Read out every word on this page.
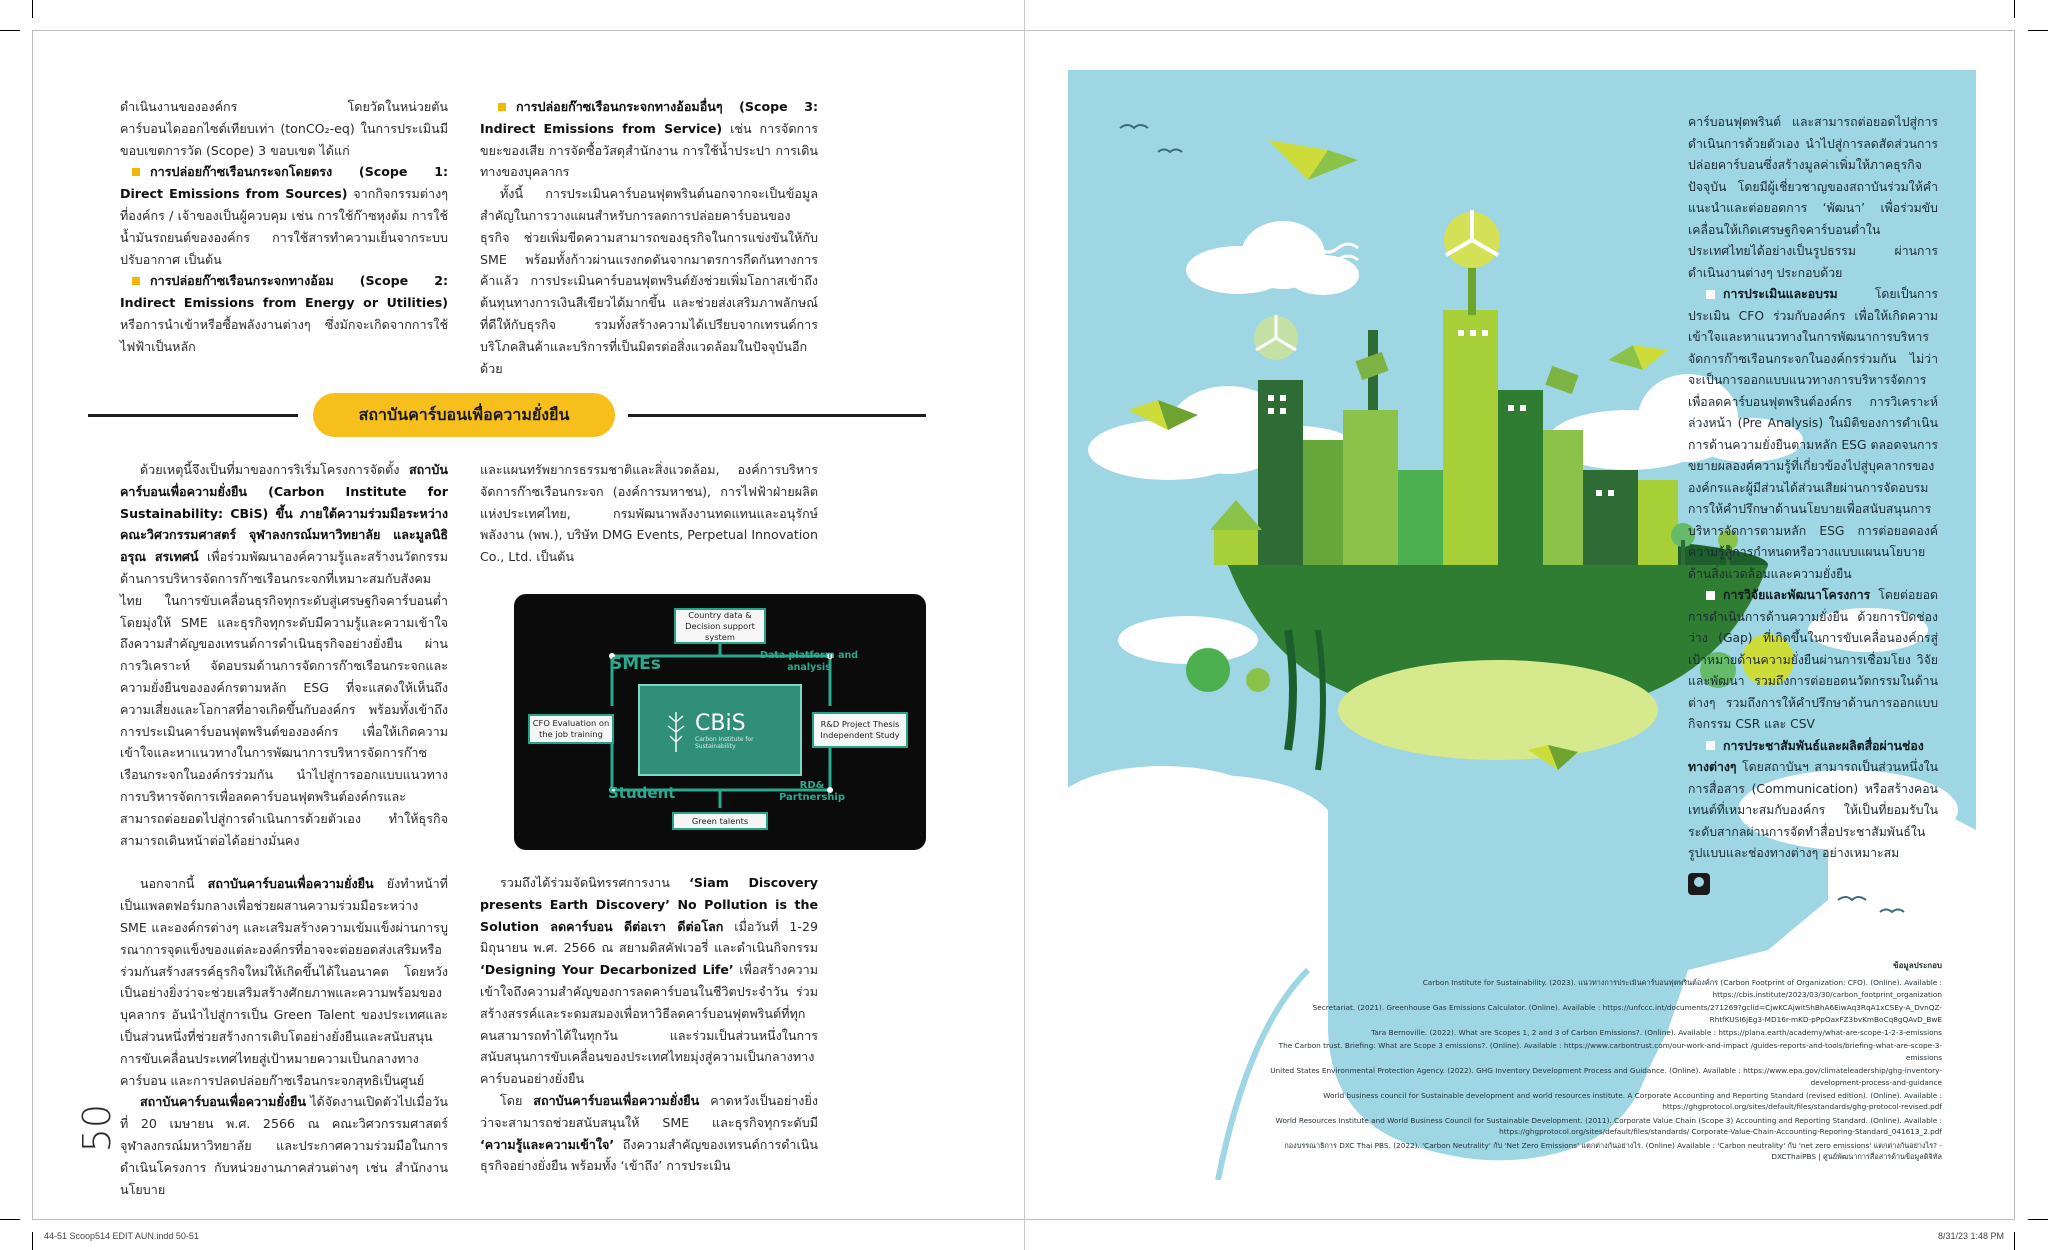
ดำเนินงานขององค์กร โดยวัดในหน่วยตันคาร์บอนไดออกไซด์เทียบเท่า (tonCO₂-eq) ในการประเมินมีขอบเขตการวัด (Scope) 3 ขอบเขต ได้แก่

การปล่อยก๊าซเรือนกระจกโดยตรง (Scope 1: Direct Emissions from Sources) จากกิจกรรมต่างๆ ที่องค์กร / เจ้าของเป็นผู้ควบคุม เช่น การใช้ก๊าซหุงต้ม การใช้น้ำมันรถยนต์ขององค์กร การใช้สารทำความเย็นจากระบบปรับอากาศ เป็นต้น

การปล่อยก๊าซเรือนกระจกทางอ้อม (Scope 2: Indirect Emissions from Energy or Utilities) หรือการนำเข้าหรือซื้อพลังงานต่างๆ ซึ่งมักจะเกิดจากการใช้ไฟฟ้าเป็นหลัก

การปล่อยก๊าซเรือนกระจกทางอ้อมอื่นๆ (Scope 3: Indirect Emissions from Service) เช่น การจัดการขยะของเสีย การจัดซื้อวัสดุสำนักงาน การใช้น้ำประปา การเดินทางของบุคลากร

ทั้งนี้ การประเมินคาร์บอนฟุตพรินต์นอกจากจะเป็นข้อมูลสำคัญในการวางแผนสำหรับการลดการปล่อยคาร์บอนของธุรกิจ ช่วยเพิ่มขีดความสามารถของธุรกิจในการแข่งขันให้กับ SME พร้อมทั้งก้าวผ่านแรงกดดันจากมาตรการกีดกันทางการค้าแล้ว การประเมินคาร์บอนฟุตพรินต์ยังช่วยเพิ่มโอกาสเข้าถึงต้นทุนทางการเงินสีเขียวได้มากขึ้น และช่วยส่งเสริมภาพลักษณ์ที่ดีให้กับธุรกิจ รวมทั้งสร้างความได้เปรียบจากเทรนด์การบริโภคสินค้าและบริการที่เป็นมิตรต่อสิ่งแวดล้อมในปัจจุบันอีกด้วย

สถาบันคาร์บอนเพื่อความยั่งยืน

ด้วยเหตุนี้จึงเป็นที่มาของการริเริ่มโครงการจัดตั้ง สถาบันคาร์บอนเพื่อความยั่งยืน (Carbon Institute for Sustainability: CBiS) ขึ้น ภายใต้ความร่วมมือระหว่าง คณะวิศวกรรมศาสตร์ จุฬาลงกรณ์มหาวิทยาลัย และมูลนิธิอรุณ สรเทศน์ เพื่อร่วมพัฒนาองค์ความรู้และสร้างนวัตกรรมด้านการบริหารจัดการก๊าซเรือนกระจกที่เหมาะสมกับสังคมไทย ในการขับเคลื่อนธุรกิจทุกระดับสู่เศรษฐกิจคาร์บอนต่ำ โดยมุ่งให้ SME และธุรกิจทุกระดับมีความรู้และความเข้าใจถึงความสำคัญของเทรนด์การดำเนินธุรกิจอย่างยั่งยืน ผ่านการวิเคราะห์ จัดอบรมด้านการจัดการก๊าซเรือนกระจกและความยั่งยืนขององค์กรตามหลัก ESG ที่จะแสดงให้เห็นถึงความเสี่ยงและโอกาสที่อาจเกิดขึ้นกับองค์กร พร้อมทั้งเข้าถึงการประเมินคาร์บอนฟุตพรินต์ขององค์กร เพื่อให้เกิดความเข้าใจและหาแนวทางในการพัฒนาการบริหารจัดการก๊าซเรือนกระจกในองค์กรร่วมกัน นำไปสู่การออกแบบแนวทางการบริหารจัดการเพื่อลดคาร์บอนฟุตพรินต์องค์กรและสามารถต่อยอดไปสู่การดำเนินการด้วยตัวเอง ทำให้ธุรกิจสามารถเดินหน้าต่อได้อย่างมั่นคง

นอกจากนี้ สถาบันคาร์บอนเพื่อความยั่งยืน ยังทำหน้าที่เป็นแพลตฟอร์มกลางเพื่อช่วยผสานความร่วมมือระหว่าง SME และองค์กรต่างๆ และเสริมสร้างความเข้มแข็งผ่านการบูรณาการจุดแข็งของแต่ละองค์กรที่อาจจะต่อยอดส่งเสริมหรือร่วมกันสร้างสรรค์ธุรกิจใหม่ให้เกิดขึ้นได้ในอนาคต โดยหวังเป็นอย่างยิ่งว่าจะช่วยเสริมสร้างศักยภาพและความพร้อมของบุคลากร อันนำไปสู่การเป็น Green Talent ของประเทศและเป็นส่วนหนึ่งที่ช่วยสร้างการเติบโตอย่างยั่งยืนและสนับสนุนการขับเคลื่อนประเทศไทยสู่เป้าหมายความเป็นกลางทางคาร์บอน และการปลดปล่อยก๊าซเรือนกระจกสุทธิเป็นศูนย์

สถาบันคาร์บอนเพื่อความยั่งยืน ได้จัดงานเปิดตัวไปเมื่อวันที่ 20 เมษายน พ.ศ. 2566 ณ คณะวิศวกรรมศาสตร์ จุฬาลงกรณ์มหาวิทยาลัย และประกาศความร่วมมือในการดำเนินโครงการ กับหน่วยงานภาคส่วนต่างๆ เช่น สำนักงานนโยบาย

และแผนทรัพยากรธรรมชาติและสิ่งแวดล้อม, องค์การบริหารจัดการก๊าซเรือนกระจก (องค์การมหาชน), การไฟฟ้าฝ่ายผลิตแห่งประเทศไทย, กรมพัฒนาพลังงานทดแทนและอนุรักษ์พลังงาน (พพ.), บริษัท DMG Events, Perpetual Innovation Co., Ltd. เป็นต้น

Country data & Decision support system
Data platform and analysis
SMEs
CFO Evaluation on the job training	CBiS
Carbon Institute for Sustainability
R&D Project Thesis Independent Study
Student	RD& Partnership
Green talents

รวมถึงได้ร่วมจัดนิทรรศการงาน ‘Siam Discovery presents Earth Discovery’ No Pollution is the Solution ลดคาร์บอน ดีต่อเรา ดีต่อโลก เมื่อวันที่ 1-29 มิถุนายน พ.ศ. 2566 ณ สยามดิสคัฟเวอรี่ และดำเนินกิจกรรม ‘Designing Your Decarbonized Life’ เพื่อสร้างความเข้าใจถึงความสำคัญของการลดคาร์บอนในชีวิตประจำวัน ร่วมสร้างสรรค์และระดมสมองเพื่อหาวิธีลดคาร์บอนฟุตพรินต์ที่ทุกคนสามารถทำได้ในทุกวัน และร่วมเป็นส่วนหนึ่งในการสนับสนุนการขับเคลื่อนของประเทศไทยมุ่งสู่ความเป็นกลางทางคาร์บอนอย่างยั่งยืน

โดย สถาบันคาร์บอนเพื่อความยั่งยืน คาดหวังเป็นอย่างยิ่งว่าจะสามารถช่วยสนับสนุนให้ SME และธุรกิจทุกระดับมี ‘ความรู้และความเข้าใจ’ ถึงความสำคัญของเทรนด์การดำเนินธุรกิจอย่างยั่งยืน พร้อมทั้ง ‘เข้าถึง’ การประเมิน

50
44-51 Scoop514 EDIT AUN.indd 50-51

คาร์บอนฟุตพรินต์ และสามารถต่อยอดไปสู่การดำเนินการด้วยตัวเอง นำไปสู่การลดสัดส่วนการปล่อยคาร์บอนซึ่งสร้างมูลค่าเพิ่มให้ภาคธุรกิจปัจจุบัน โดยมีผู้เชี่ยวชาญของสถาบันร่วมให้คำแนะนำและต่อยอดการ ‘พัฒนา’ เพื่อร่วมขับเคลื่อนให้เกิดเศรษฐกิจคาร์บอนต่ำในประเทศไทยได้อย่างเป็นรูปธรรม ผ่านการดำเนินงานต่างๆ ประกอบด้วย

การประเมินและอบรม โดยเป็นการประเมิน CFO ร่วมกับองค์กร เพื่อให้เกิดความเข้าใจและหาแนวทางในการพัฒนาการบริหารจัดการก๊าซเรือนกระจกในองค์กรร่วมกัน ไม่ว่าจะเป็นการออกแบบแนวทางการบริหารจัดการเพื่อลดคาร์บอนฟุตพรินต์องค์กร การวิเคราะห์ล่วงหน้า (Pre Analysis) ในมิติของการดำเนินการด้านความยั่งยืนตามหลัก ESG ตลอดจนการขยายผลองค์ความรู้ที่เกี่ยวข้องไปสู่บุคลากรขององค์กรและผู้มีส่วนได้ส่วนเสียผ่านการจัดอบรม การให้คำปรึกษาด้านนโยบายเพื่อสนับสนุนการบริหารจัดการตามหลัก ESG การต่อยอดองค์ความรู้สู่การกำหนดหรือวางแบบแผนนโยบายด้านสิ่งแวดล้อมและความยั่งยืน

การวิจัยและพัฒนาโครงการ โดยต่อยอดการดำเนินการด้านความยั่งยืน ด้วยการปิดช่องว่าง (Gap) ที่เกิดขึ้นในการขับเคลื่อนองค์กรสู่เป้าหมายด้านความยั่งยืนผ่านการเชื่อมโยง วิจัย และพัฒนา รวมถึงการต่อยอดนวัตกรรมในด้านต่างๆ รวมถึงการให้คำปรึกษาด้านการออกแบบกิจกรรม CSR และ CSV

การประชาสัมพันธ์และผลิตสื่อผ่านช่องทางต่างๆ โดยสถาบันฯ สามารถเป็นส่วนหนึ่งในการสื่อสาร (Communication) หรือสร้างคอนเทนต์ที่เหมาะสมกับองค์กร ให้เป็นที่ยอมรับในระดับสากลผ่านการจัดทำสื่อประชาสัมพันธ์ในรูปแบบและช่องทางต่างๆ อย่างเหมาะสม

ข้อมูลประกอบ
Carbon Institute for Sustainability. (2023). แนวทางการประเมินคาร์บอนฟุตพรินต์องค์กร (Carbon Footprint of Organization: CFO). (Online). Available : https://cbis.institute/2023/03/30/carbon_footprint_organization
Secretariat. (2021). Greenhouse Gas Emissions Calculator. (Online). Available : https://unfccc.int/documents/271269?gclid=CjwKCAjwitShBhA6EiwAq3RqA1xCSEy-A_DvnQZ-RhtfKUSI6jEg3-MD16r-mKD-pPpOaxFZ3bvKmBoCq8gQAvD_BwE
Tara Bernoville. (2022). What are Scopes 1, 2 and 3 of Carbon Emissions?. (Online). Available : https://plana.earth/academy/what-are-scope-1-2-3-emissions
The Carbon trust. Briefing: What are Scope 3 emissions?. (Online). Available : https://www.carbontrust.com/our-work-and-impact /guides-reports-and-tools/briefing-what-are-scope-3-emissions
United States Environmental Protection Agency. (2022). GHG Inventory Development Process and Guidance. (Online). Available : https://www.epa.gov/climateleadership/ghg-inventory-development-process-and-guidance
World business council for Sustainable development and world resources institute. A Corporate Accounting and Reporting Standard (revised edition). (Online). Available : https://ghgprotocol.org/sites/default/files/standards/ghg-protocol-revised.pdf
World Resources Institute and World Business Council for Sustainable Development. (2011). Corporate Value Chain (Scope 3) Accounting and Reporting Standard. (Online). Available : https://ghgprotocol.org/sites/default/files/standards/ Corporate-Value-Chain-Accounting-Reporing-Standard_041613_2.pdf
กองบรรณาธิการ DXC Thai PBS. (2022). 'Carbon Neutrality' กับ 'Net Zero Emissions' แตกต่างกันอย่างไร. (Online) Available : 'Carbon neutrality' กับ 'net zero emissions' แตกต่างกันอย่างไร? - DXCThaiPBS | ศูนย์พัฒนาการสื่อสารด้านข้อมูลดิจิทัล
8/31/23 1:48 PM
